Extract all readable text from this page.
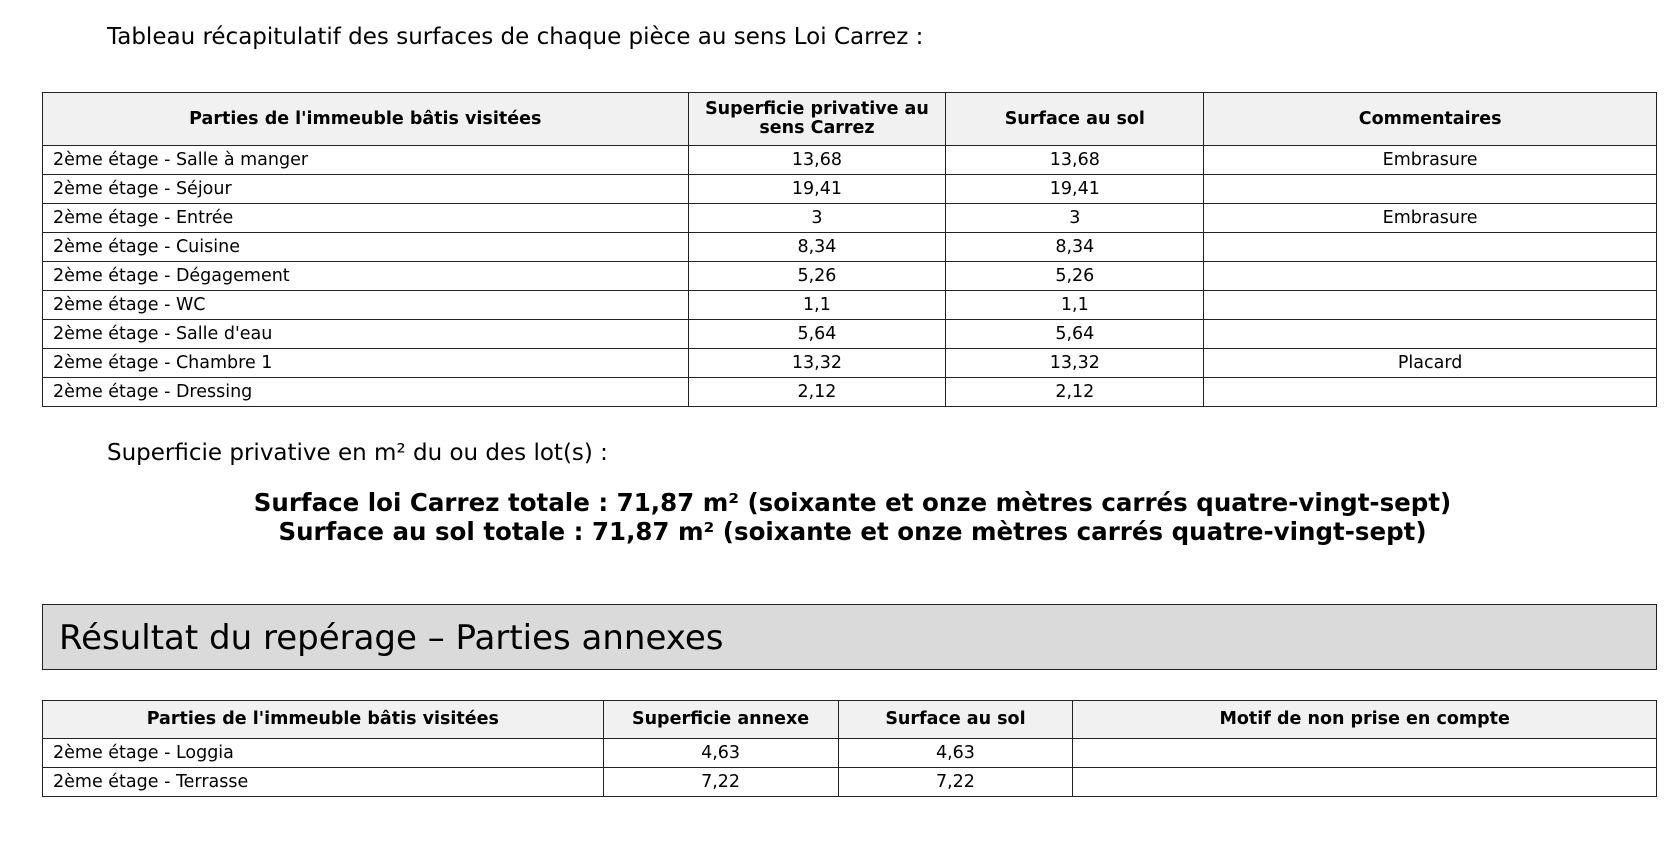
Tableau récapitulatif des surfaces de chaque pièce au sens Loi Carrez :
Parties de l'immeuble bâtis visitées	Superficie privative au sens Carrez	Surface au sol	Commentaires
2ème étage - Salle à manger	13,68	13,68	Embrasure
2ème étage - Séjour	19,41	19,41	
2ème étage - Entrée	3	3	Embrasure
2ème étage - Cuisine	8,34	8,34	
2ème étage - Dégagement	5,26	5,26	
2ème étage - WC	1,1	1,1	
2ème étage - Salle d'eau	5,64	5,64	
2ème étage - Chambre 1	13,32	13,32	Placard
2ème étage - Dressing	2,12	2,12	
Superficie privative en m² du ou des lot(s) :
Surface loi Carrez totale : 71,87 m² (soixante et onze mètres carrés quatre-vingt-sept)
Surface au sol totale : 71,87 m² (soixante et onze mètres carrés quatre-vingt-sept)
Résultat du repérage – Parties annexes
Parties de l'immeuble bâtis visitées	Superficie annexe	Surface au sol	Motif de non prise en compte
2ème étage - Loggia	4,63	4,63	
2ème étage - Terrasse	7,22	7,22	
